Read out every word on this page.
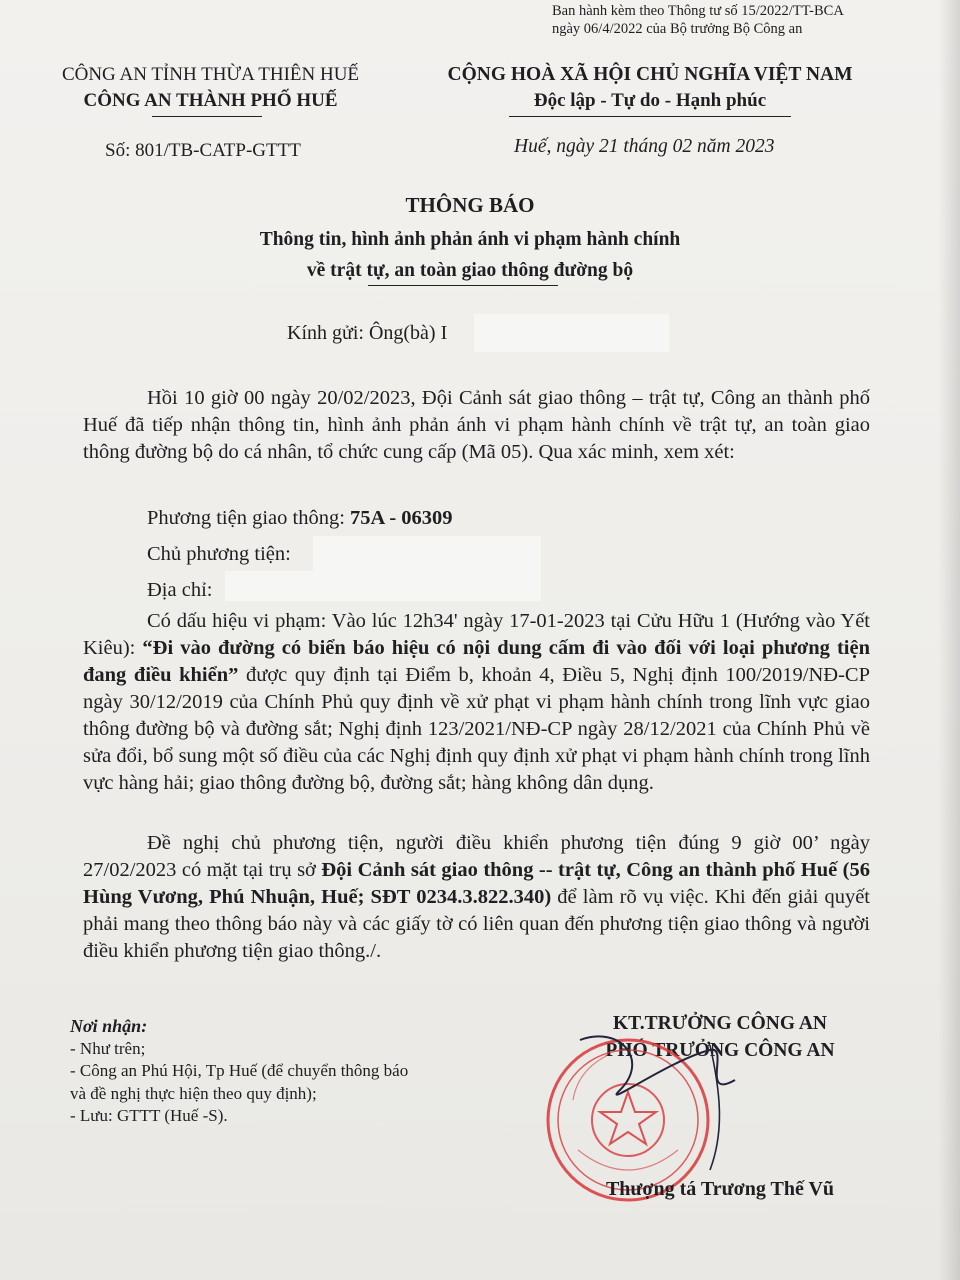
Ban hành kèm theo Thông tư số 15/2022/TT-BCA
ngày 06/4/2022 của Bộ trưởng Bộ Công an
CÔNG AN TỈNH THỪA THIÊN HUẾ
CÔNG AN THÀNH PHỐ HUẾ
CỘNG HOÀ XÃ HỘI CHỦ NGHĨA VIỆT NAM
Độc lập - Tự do - Hạnh phúc
Số: 801/TB-CATP-GTTT	Huế, ngày 21 tháng 02 năm 2023
THÔNG BÁO
Thông tin, hình ảnh phản ánh vi phạm hành chính
về trật tự, an toàn giao thông đường bộ
Kính gửi: Ông(bà) I

Hồi 10 giờ 00 ngày 20/02/2023, Đội Cảnh sát giao thông – trật tự, Công an thành phố Huế đã tiếp nhận thông tin, hình ảnh phản ánh vi phạm hành chính về trật tự, an toàn giao thông đường bộ do cá nhân, tổ chức cung cấp (Mã 05). Qua xác minh, xem xét:

Phương tiện giao thông: 75A - 06309
Chủ phương tiện:
Địa chỉ:

Có dấu hiệu vi phạm: Vào lúc 12h34' ngày 17-01-2023 tại Cửu Hữu 1 (Hướng vào Yết Kiêu): “Đi vào đường có biển báo hiệu có nội dung cấm đi vào đối với loại phương tiện đang điều khiển” được quy định tại Điểm b, khoản 4, Điều 5, Nghị định 100/2019/NĐ-CP ngày 30/12/2019 của Chính Phủ quy định về xử phạt vi phạm hành chính trong lĩnh vực giao thông đường bộ và đường sắt; Nghị định 123/2021/NĐ-CP ngày 28/12/2021 của Chính Phủ về sửa đổi, bổ sung một số điều của các Nghị định quy định xử phạt vi phạm hành chính trong lĩnh vực hàng hải; giao thông đường bộ, đường sắt; hàng không dân dụng.

Đề nghị chủ phương tiện, người điều khiển phương tiện đúng 9 giờ 00’ ngày 27/02/2023 có mặt tại trụ sở Đội Cảnh sát giao thông -- trật tự, Công an thành phố Huế (56 Hùng Vương, Phú Nhuận, Huế; SĐT 0234.3.822.340) để làm rõ vụ việc. Khi đến giải quyết phải mang theo thông báo này và các giấy tờ có liên quan đến phương tiện giao thông và người điều khiển phương tiện giao thông./.

Nơi nhận:
- Như trên;
- Công an Phú Hội, Tp Huế (để chuyển thông báo
và đề nghị thực hiện theo quy định);
- Lưu: GTTT (Huế -S).
KT.TRƯỞNG CÔNG AN
PHÓ TRƯỞNG CÔNG AN
Thượng tá Trương Thế Vũ
